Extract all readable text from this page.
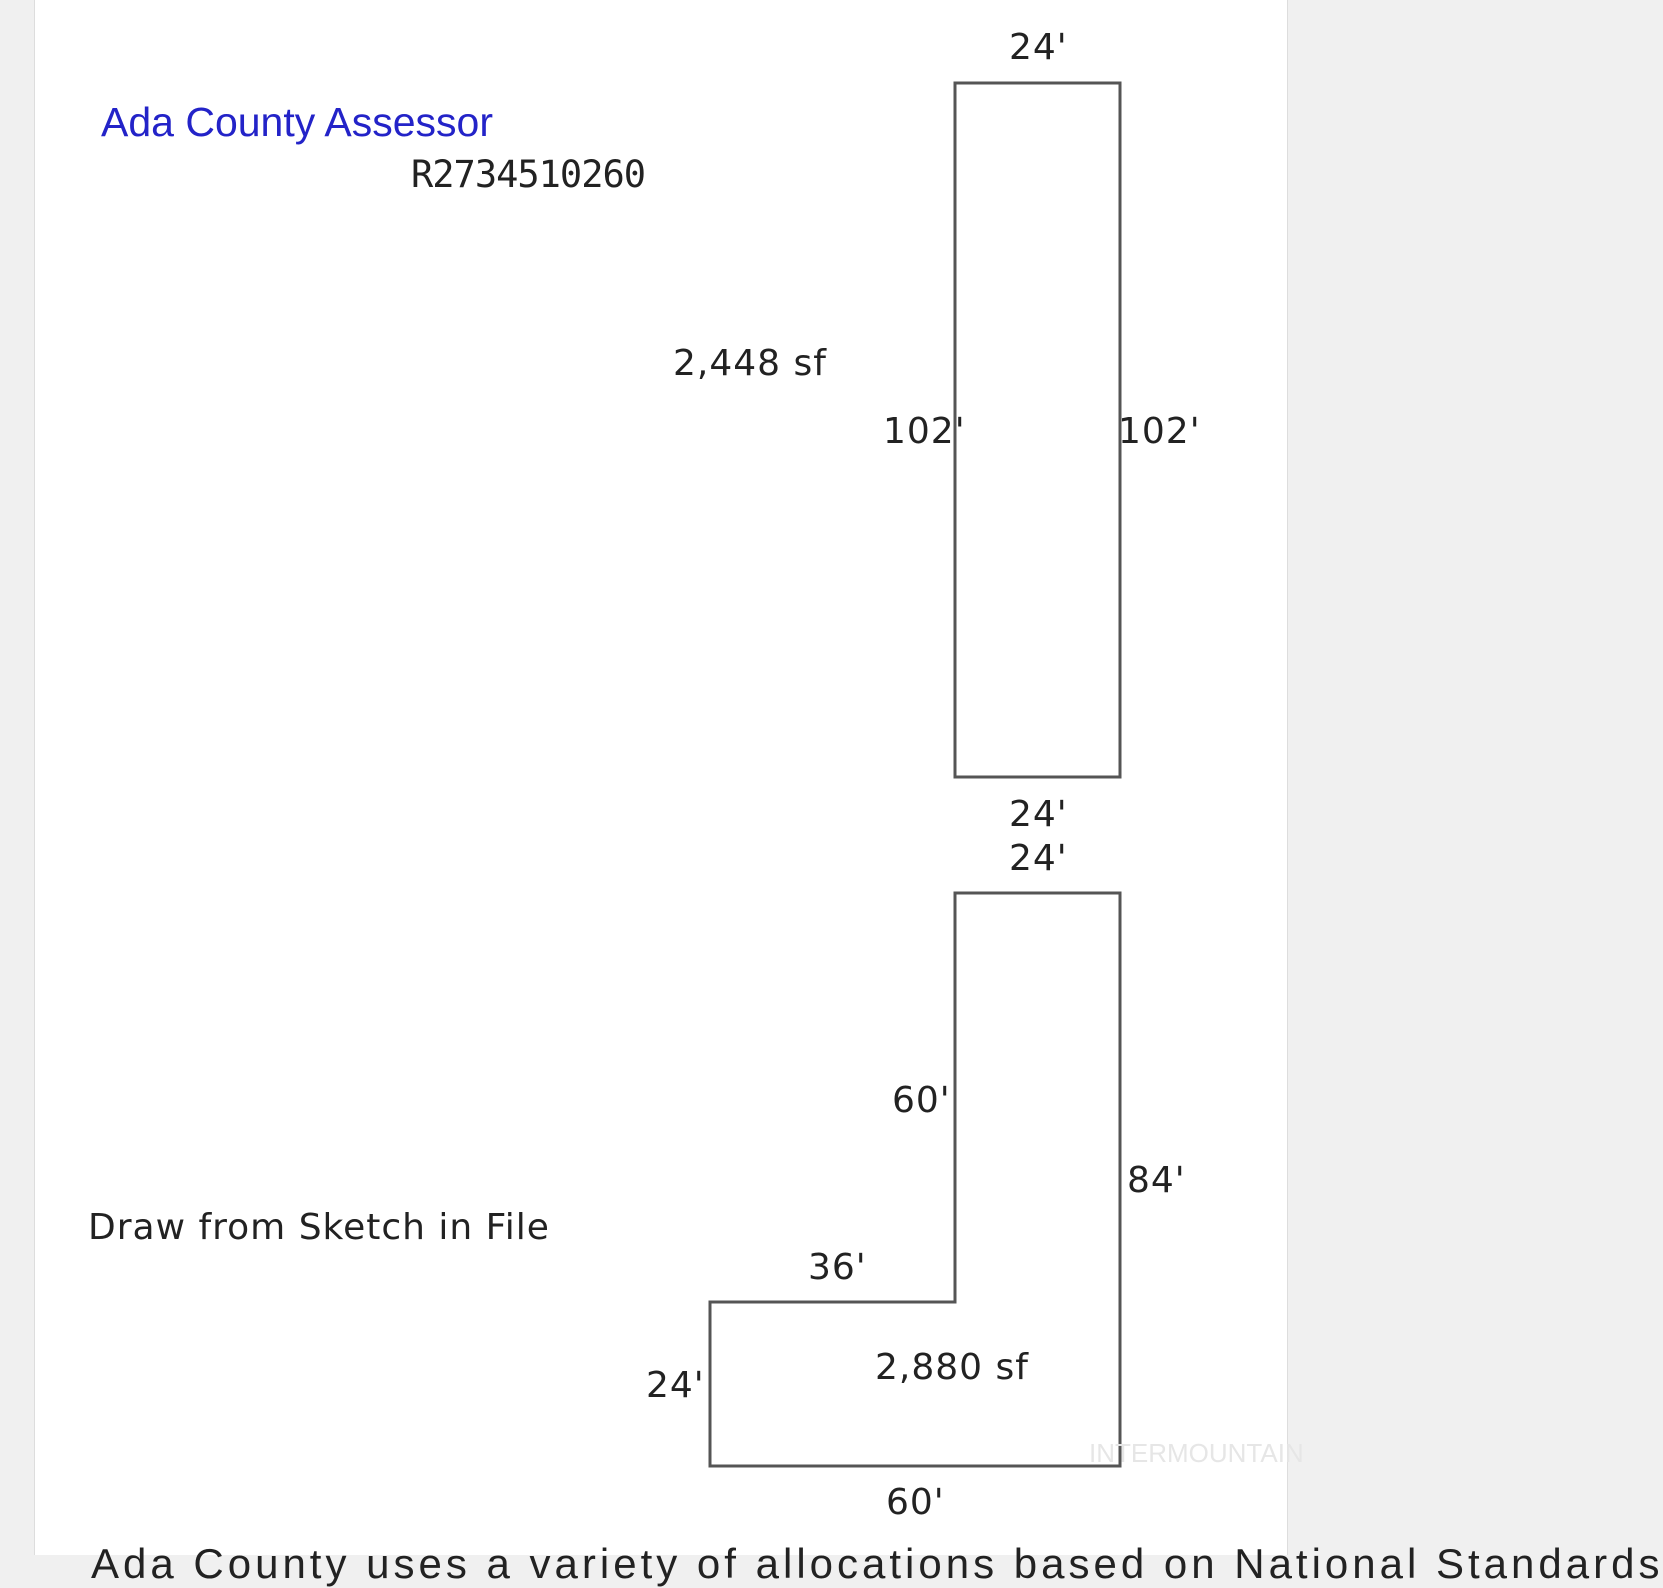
Ada County Assessor
R2734510260
24'
2,448 sf
102'	102'
24'
24'
60'
84'
Draw from Sketch in File
36'
2,880 sf
24'
60'
INTERMOUNTAIN
Ada County uses a variety of allocations based on National Standards
